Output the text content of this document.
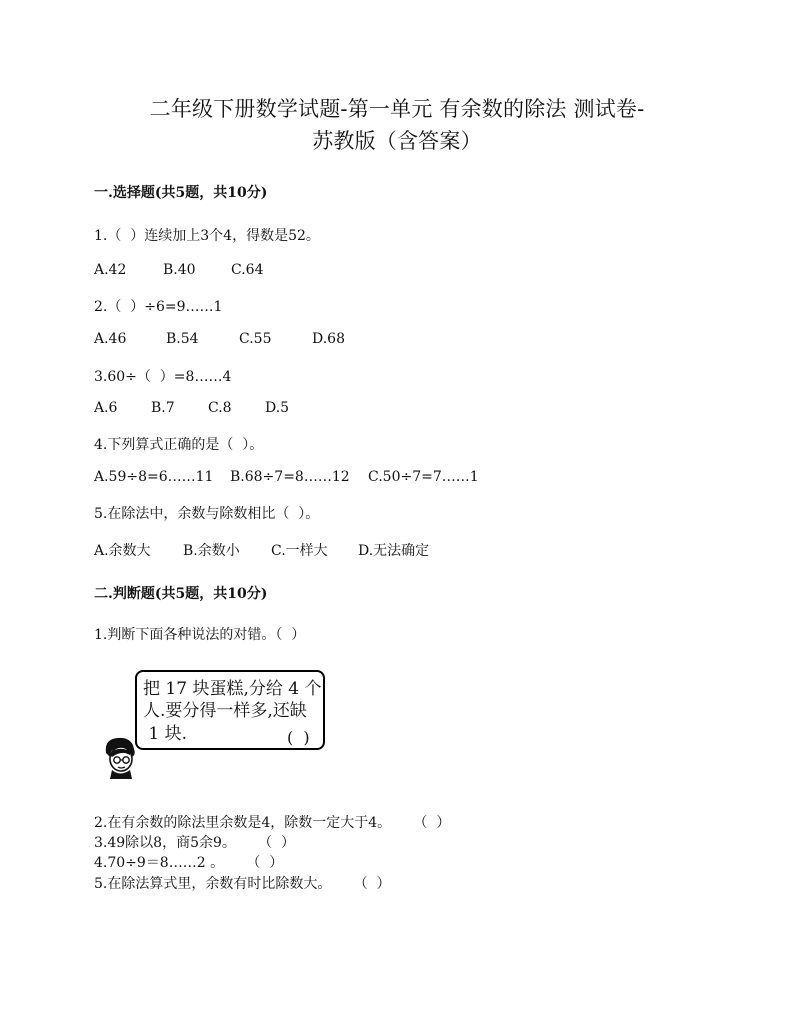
二年级下册数学试题-第一单元 有余数的除法 测试卷-
苏教版（含答案）
一.选择题(共5题，共10分)
1.（  ）连续加上3个4，得数是52。
A.42	B.40	C.64
2.（  ）÷6=9……1
A.46	B.54	C.55	D.68
3.60÷（  ）=8……4
A.6 B.7 C.8 D.5
4.下列算式正确的是（  ）。
A.59÷8=6……11 B.68÷7=8……12 C.50÷7=7……1
5.在除法中，余数与除数相比（  ）。
A.余数大 B.余数小 C.一样大 D.无法确定
二.判断题(共5题，共10分)
1.判断下面各种说法的对错。（  ）
把 17 块蛋糕,分给 4 个
人.要分得一样多,还缺
1 块.	(  )
2.在有余数的除法里余数是4，除数一定大于4。     （  ）
3.49除以8，商5余9。     （  ）
4.70÷9＝8……2 。     （  ）
5.在除法算式里，余数有时比除数大。     （  ）
